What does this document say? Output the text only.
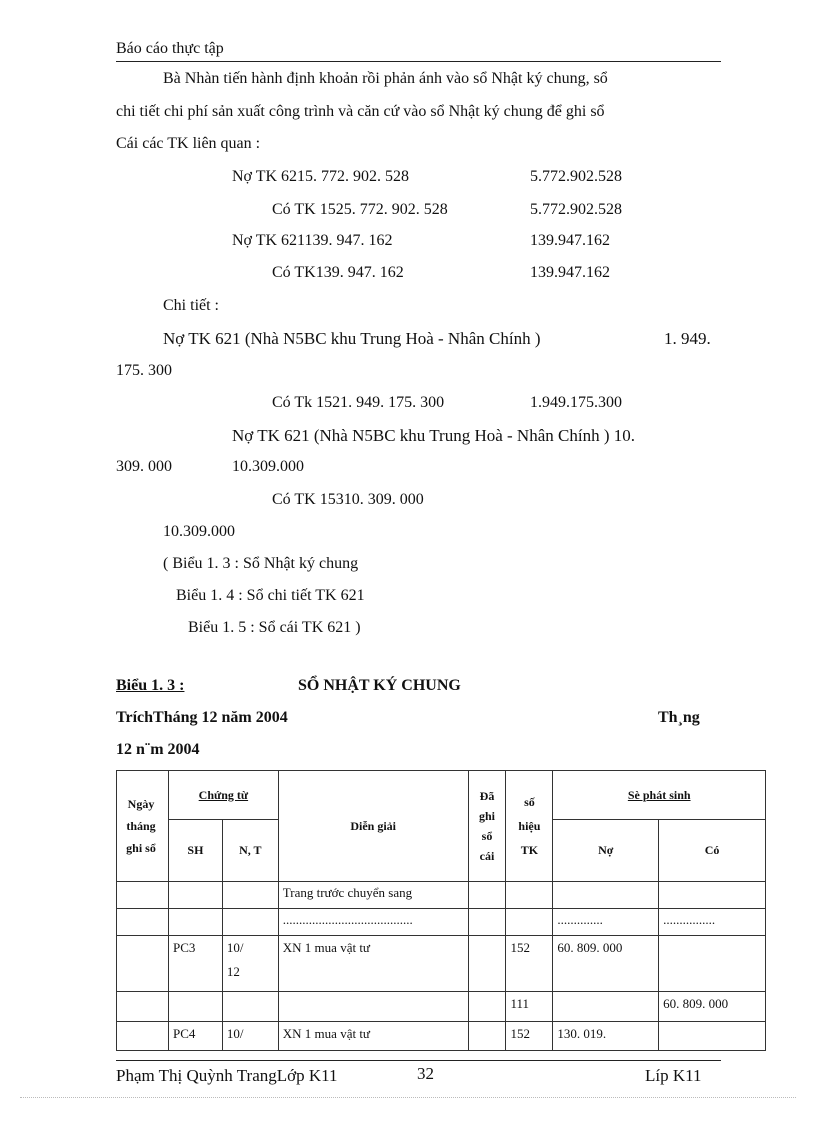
Báo cáo thực tập
Bà Nhàn tiến hành định khoản rồi phản ánh vào sổ Nhật ký chung, sổ
chi tiết chi phí sản xuất công trình và căn cứ vào sổ Nhật ký chung để ghi sổ
Cái các TK liên quan :
Nợ TK 6215. 772. 902. 528	5.772.902.528
Có TK 1525. 772. 902. 528	5.772.902.528
Nợ TK 621139. 947. 162	139.947.162
Có TK139. 947. 162	139.947.162
Chi tiết :
Nợ TK 621 (Nhà N5BC khu Trung Hoà - Nhân Chính )	1. 949.
175. 300
Có Tk 1521. 949. 175. 300	1.949.175.300
Nợ TK 621 (Nhà N5BC khu Trung Hoà - Nhân Chính ) 10.
309. 000	10.309.000
Có TK 15310. 309. 000
10.309.000
( Biểu 1. 3 : Sổ Nhật ký chung
Biểu 1. 4 : Sổ chi tiết TK 621
Biểu 1. 5 : Sổ cái TK 621 )
Biểu 1. 3 :	SỔ NHẬT KÝ CHUNG
TríchTháng 12 năm 2004	Th¸ng
12 n¨m 2004
Ngày tháng ghi sổ	Chứng từ		Diễn giải	Đã ghi sổ cái	số hiệu TK	Sè phát sinh	
	SH	N, T				Nợ	Có
			Trang trước chuyển sang				
			........................................			..............	................
	PC3	10/ 12	XN 1 mua vật tư		152	60. 809. 000	
					111		60. 809. 000
	PC4	10/	XN 1 mua vật tư		152	130. 019.	
Phạm Thị Quỳnh TrangLớp K11	32	Líp K11
